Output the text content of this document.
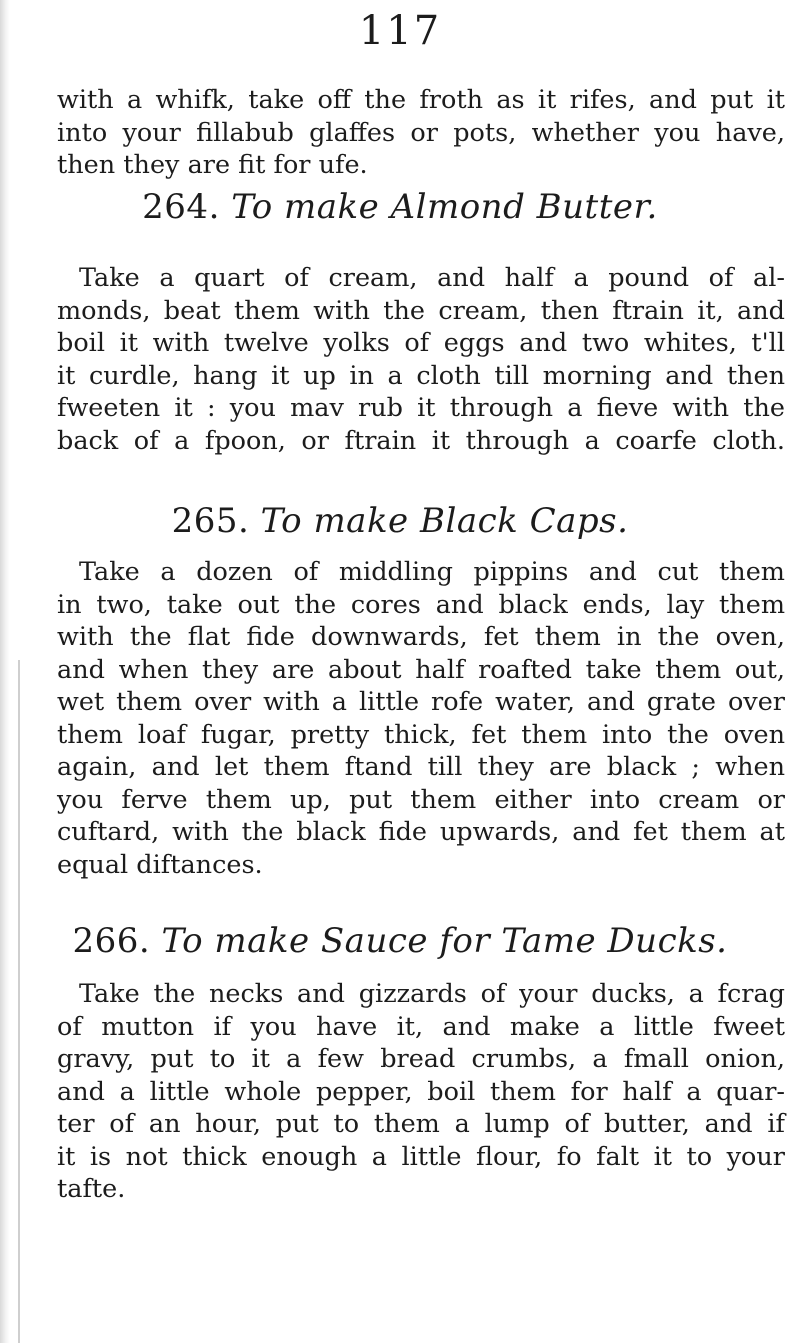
117

with a whifk, take off the froth as it rifes, and put it

into your fillabub glaffes or pots, whether you have,

then they are fit for ufe.

264. To make Almond Butter.

Take a quart of cream, and half a pound of al-

monds, beat them with the cream, then ftrain it, and

boil it with twelve yolks of eggs and two whites, t'll

it curdle, hang it up in a cloth till morning and then

fweeten it : you mav rub it through a fieve with the

back of a fpoon, or ftrain it through a coarfe cloth.

265. To make Black Caps.

Take a dozen of middling pippins and cut them

in two, take out the cores and black ends, lay them

with the flat fide downwards, fet them in the oven,

and when they are about half roafted take them out,

wet them over with a little rofe water, and grate over

them loaf fugar, pretty thick, fet them into the oven

again, and let them ftand till they are black ; when

you ferve them up, put them either into cream or

cuftard, with the black fide upwards, and fet them at

equal diftances.

266. To make Sauce for Tame Ducks.

Take the necks and gizzards of your ducks, a fcrag

of mutton if you have it, and make a little fweet

gravy, put to it a few bread crumbs, a fmall onion,

and a little whole pepper, boil them for half a quar-

ter of an hour, put to them a lump of butter, and if

it is not thick enough a little flour, fo falt it to your

tafte.
